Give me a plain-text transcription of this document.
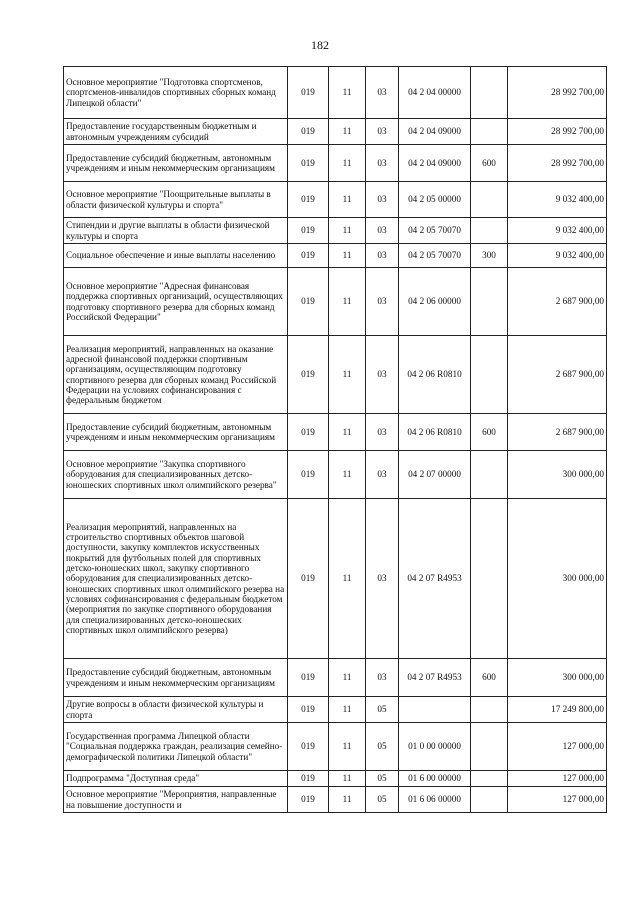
182
Основное мероприятие "Подготовка спортсменов, спортсменов-инвалидов спортивных сборных команд Липецкой области"	019	11	03	04 2 04 00000		28 992 700,00
Предоставление государственным бюджетным и автономным учреждениям субсидий	019	11	03	04 2 04 09000		28 992 700,00
Предоставление субсидий бюджетным, автономным учреждениям и иным некоммерческим организациям	019	11	03	04 2 04 09000	600	28 992 700,00
Основное мероприятие "Поощрительные выплаты в области физической культуры и спорта"	019	11	03	04 2 05 00000		9 032 400,00
Стипендии и другие выплаты в области физической культуры и спорта	019	11	03	04 2 05 70070		9 032 400,00
Социальное обеспечение и иные выплаты населению	019	11	03	04 2 05 70070	300	9 032 400,00
Основное мероприятие "Адресная финансовая поддержка спортивных организаций, осуществляющих подготовку спортивного резерва для сборных команд Российской Федерации"	019	11	03	04 2 06 00000		2 687 900,00
Реализация мероприятий, направленных на оказание адресной финансовой поддержки спортивным организациям, осуществляющим подготовку спортивного резерва для сборных команд Российской Федерации на условиях софинансирования с федеральным бюджетом	019	11	03	04 2 06 R0810		2 687 900,00
Предоставление субсидий бюджетным, автономным учреждениям и иным некоммерческим организациям	019	11	03	04 2 06 R0810	600	2 687 900,00
Основное мероприятие "Закупка спортивного оборудования для специализированных детско-юношеских спортивных школ олимпийского резерва"	019	11	03	04 2 07 00000		300 000,00
Реализация мероприятий, направленных на строительство спортивных объектов шаговой доступности, закупку комплектов искусственных покрытий для футбольных полей для спортивных детско-юношеских школ, закупку спортивного оборудования для специализированных детско-юношеских спортивных школ олимпийского резерва на условиях софинансирования с федеральным бюджетом (мероприятия по закупке спортивного оборудования для специализированных детско-юношеских спортивных школ олимпийского резерва)	019	11	03	04 2 07 R4953		300 000,00
Предоставление субсидий бюджетным, автономным учреждениям и иным некоммерческим организациям	019	11	03	04 2 07 R4953	600	300 000,00
Другие вопросы в области физической культуры и спорта	019	11	05			17 249 800,00
Государственная программа Липецкой области "Социальная поддержка граждан, реализация семейно-демографической политики Липецкой области"	019	11	05	01 0 00 00000		127 000,00
Подпрограмма "Доступная среда"	019	11	05	01 6 00 00000		127 000,00
Основное мероприятие "Мероприятия, направленные на повышение доступности и	019	11	05	01 6 06 00000		127 000,00
